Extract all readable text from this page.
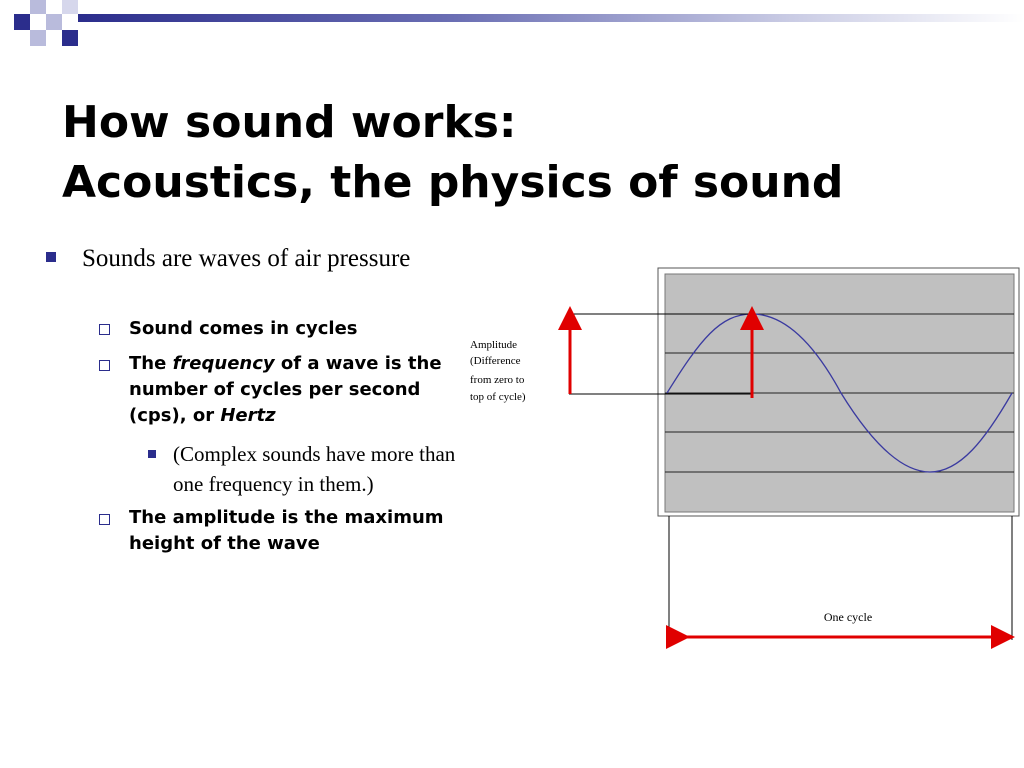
How sound works:
Acoustics, the physics of sound
Sounds are waves of air pressure
Sound comes in cycles
The frequency of a wave is the number of cycles per second (cps), or Hertz
(Complex sounds have more than one frequency in them.)
The amplitude is the maximum height of the wave
Amplitude (Difference from zero to top of cycle)
One cycle
